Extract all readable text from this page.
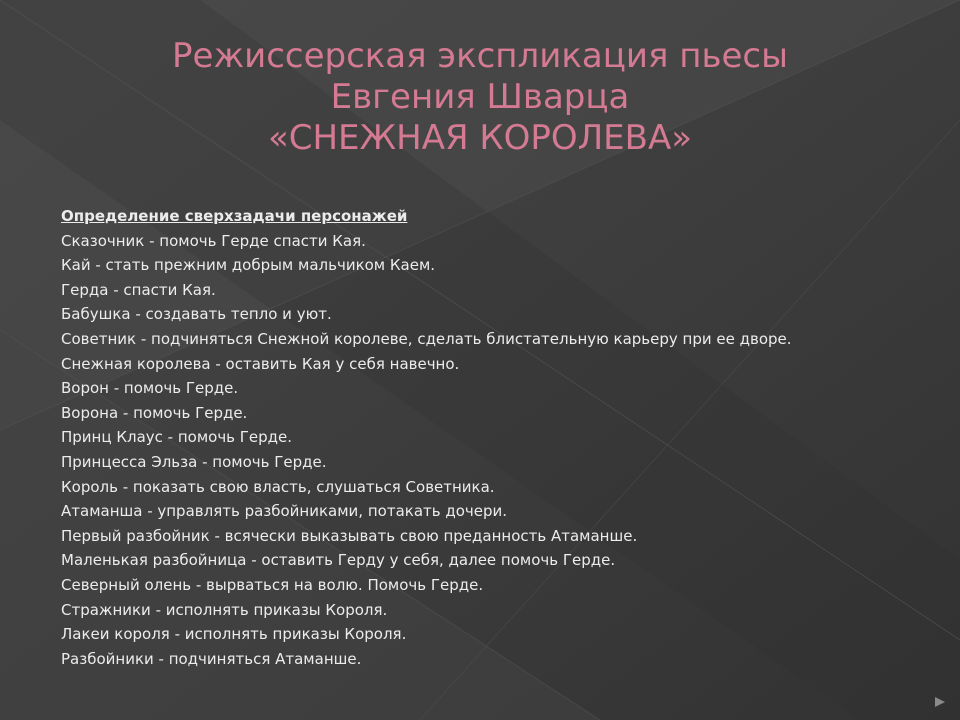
Режиссерская экспликация пьесы
Евгения Шварца
«СНЕЖНАЯ КОРОЛЕВА»
Определение сверхзадачи персонажей
Сказочник - помочь Герде спасти Кая.
Кай - стать прежним добрым мальчиком Каем.
Герда - спасти Кая.
Бабушка - создавать тепло и уют.
Советник - подчиняться Снежной королеве, сделать блистательную карьеру при ее дворе.
Снежная королева - оставить Кая у себя навечно.
Ворон - помочь Герде.
Ворона - помочь Герде.
Принц Клаус - помочь Герде.
Принцесса Эльза - помочь Герде.
Король - показать свою власть, слушаться Советника.
Атаманша - управлять разбойниками, потакать дочери.
Первый разбойник - всячески выказывать свою преданность Атаманше.
Маленькая разбойница - оставить Герду у себя, далее помочь Герде.
Северный олень - вырваться на волю. Помочь Герде.
Стражники - исполнять приказы Короля.
Лакеи короля - исполнять приказы Короля.
Разбойники - подчиняться Атаманше.
